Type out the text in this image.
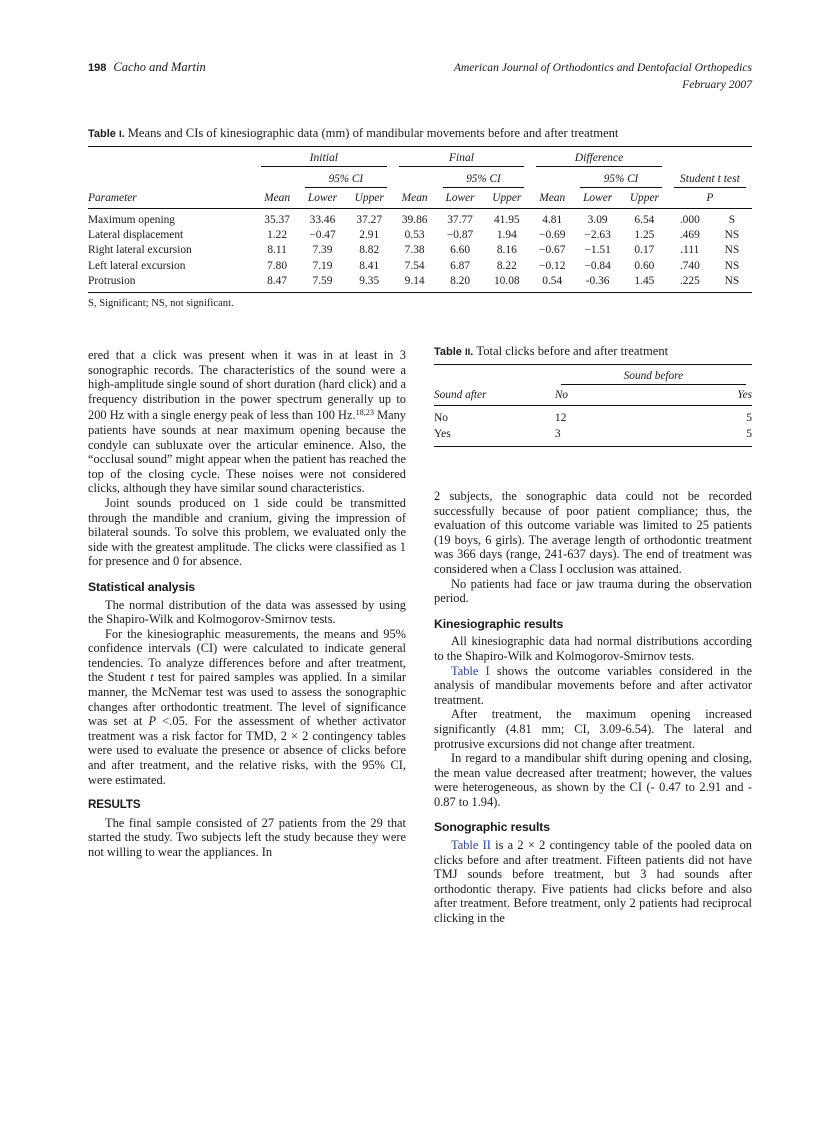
198 Cacho and Martin	American Journal of Orthodontics and Dentofacial Orthopedics
February 2007
Table I. Means and CIs of kinesiographic data (mm) of mandibular movements before and after treatment
	Initial			Final			Difference			

		95% CI			95% CI			95% CI		Student t test	

Parameter	Mean	Lower	Upper	Mean	Lower	Upper	Mean	Lower	Upper	P	
Maximum opening	35.37	33.46	37.27	39.86	37.77	41.95	4.81	3.09	6.54	.000	S
Lateral displacement	1.22	−0.47	2.91	0.53	−0.87	1.94	−0.69	−2.63	1.25	.469	NS
Right lateral excursion	8.11	7.39	8.82	7.38	6.60	8.16	−0.67	−1.51	0.17	.111	NS
Left lateral excursion	7.80	7.19	8.41	7.54	6.87	8.22	−0.12	−0.84	0.60	.740	NS
Protrusion	8.47	7.59	9.35	9.14	8.20	10.08	0.54	-0.36	1.45	.225	NS
S, Significant; NS, not significant.
Table II. Total clicks before and after treatment
	Sound before	

Sound after	No	Yes
No	12	5
Yes	3	5

ered that a click was present when it was in at least in 3 sonographic records. The characteristics of the sound were a high-amplitude single sound of short duration (hard click) and a frequency distribution in the power spectrum generally up to 200 Hz with a single energy peak of less than 100 Hz.$^{18,23}$ Many patients have sounds at near maximum opening because the condyle can subluxate over the articular eminence. Also, the “occlusal sound” might appear when the patient has reached the top of the closing cycle. These noises were not considered clicks, although they have similar sound characteristics.

Joint sounds produced on 1 side could be transmitted through the mandible and cranium, giving the impression of bilateral sounds. To solve this problem, we evaluated only the side with the greatest amplitude. The clicks were classified as 1 for presence and 0 for absence.

Statistical analysis

The normal distribution of the data was assessed by using the Shapiro-Wilk and Kolmogorov-Smirnov tests.

For the kinesiographic measurements, the means and 95% confidence intervals (CI) were calculated to indicate general tendencies. To analyze differences before and after treatment, the Student t test for paired samples was applied. In a similar manner, the McNemar test was used to assess the sonographic changes after orthodontic treatment. The level of significance was set at P <.05. For the assessment of whether activator treatment was a risk factor for TMD, 2 × 2 contingency tables were used to evaluate the presence or absence of clicks before and after treatment, and the relative risks, with the 95% CI, were estimated.

RESULTS

The final sample consisted of 27 patients from the 29 that started the study. Two subjects left the study because they were not willing to wear the appliances. In

2 subjects, the sonographic data could not be recorded successfully because of poor patient compliance; thus, the evaluation of this outcome variable was limited to 25 patients (19 boys, 6 girls). The average length of orthodontic treatment was 366 days (range, 241-637 days). The end of treatment was considered when a Class I occlusion was attained.

No patients had face or jaw trauma during the observation period.

Kinesiographic results

All kinesiographic data had normal distributions according to the Shapiro-Wilk and Kolmogorov-Smirnov tests.

Table I shows the outcome variables considered in the analysis of mandibular movements before and after activator treatment.

After treatment, the maximum opening increased significantly (4.81 mm; CI, 3.09-6.54). The lateral and protrusive excursions did not change after treatment.

In regard to a mandibular shift during opening and closing, the mean value decreased after treatment; however, the values were heterogeneous, as shown by the CI (- 0.47 to 2.91 and - 0.87 to 1.94).

Sonographic results

Table II is a 2 × 2 contingency table of the pooled data on clicks before and after treatment. Fifteen patients did not have TMJ sounds before treatment, but 3 had sounds after orthodontic therapy. Five patients had clicks before and also after treatment. Before treatment, only 2 patients had reciprocal clicking in the
